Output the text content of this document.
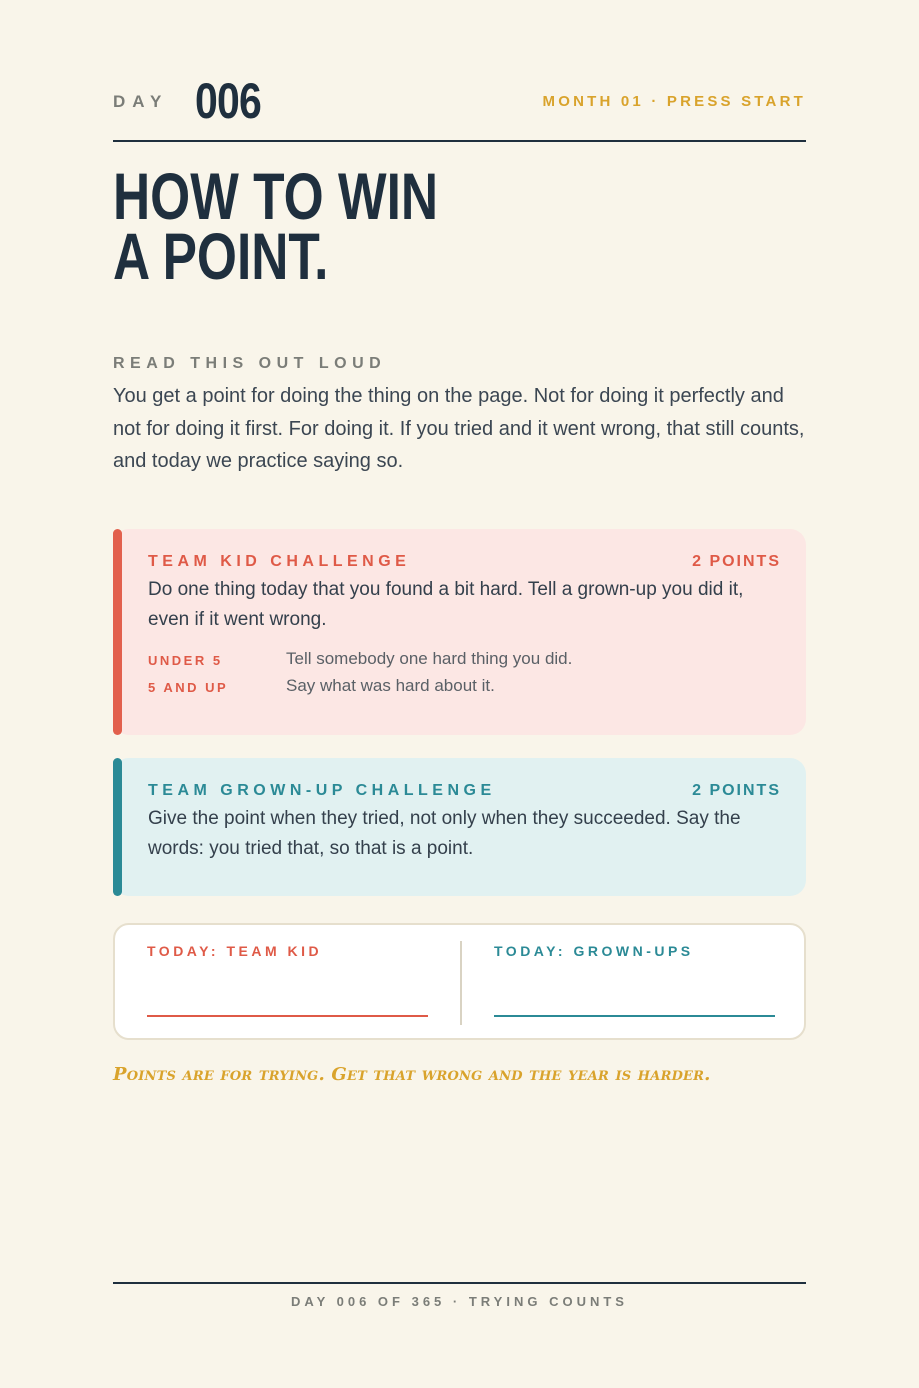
DAY 006	MONTH 01 · PRESS START
HOW TO WIN
A POINT.
READ THIS OUT LOUD

You get a point for doing the thing on the page. Not for doing it perfectly and not for doing it first. For doing it. If you tried and it went wrong, that still counts, and today we practice saying so.

TEAM KID CHALLENGE	2 POINTS

Do one thing today that you found a bit hard. Tell a grown-up you did it, even if it went wrong.

UNDER 5	Tell somebody one hard thing you did.
5 AND UP	Say what was hard about it.
TEAM GROWN-UP CHALLENGE	2 POINTS

Give the point when they tried, not only when they succeeded. Say the words: you tried that, so that is a point.

TODAY: TEAM KID	TODAY: GROWN-UPS
Points are for trying. Get that wrong and the year is harder.
DAY 006 OF 365 · TRYING COUNTS
